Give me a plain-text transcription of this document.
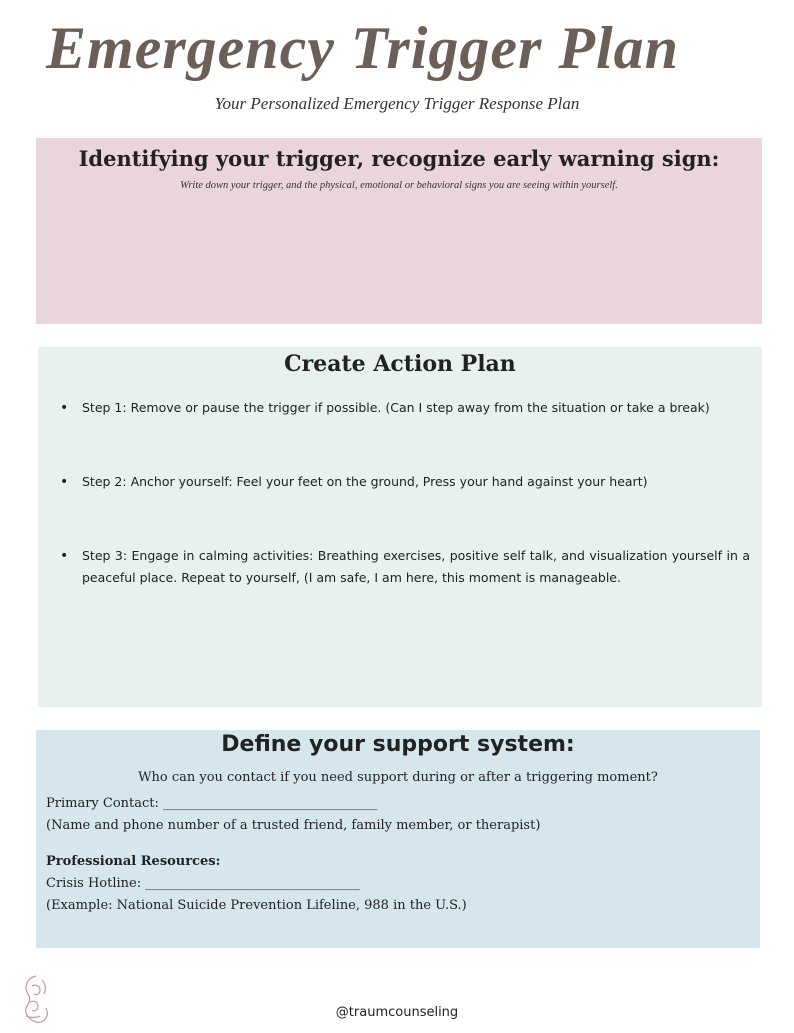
Emergency Trigger Plan
Your Personalized Emergency Trigger Response Plan
Identifying your trigger, recognize early warning sign:
Write down your trigger, and the physical, emotional or behavioral signs you are seeing within yourself.
Create Action Plan
• Step 1: Remove or pause the trigger if possible. (Can I step away from the situation or take a break)
• Step 2: Anchor yourself: Feel your feet on the ground, Press your hand against your heart)
• Step 3: Engage in calming activities: Breathing exercises, positive self talk, and visualization yourself in a peaceful place. Repeat to yourself, (I am safe, I am here, this moment is manageable.
Define your support system:
Who can you contact if you need support during or after a triggering moment?
Primary Contact: _________________________________
(Name and phone number of a trusted friend, family member, or therapist)
Professional Resources:
Crisis Hotline: _________________________________
(Example: National Suicide Prevention Lifeline, 988 in the U.S.)
@traumcounseling
